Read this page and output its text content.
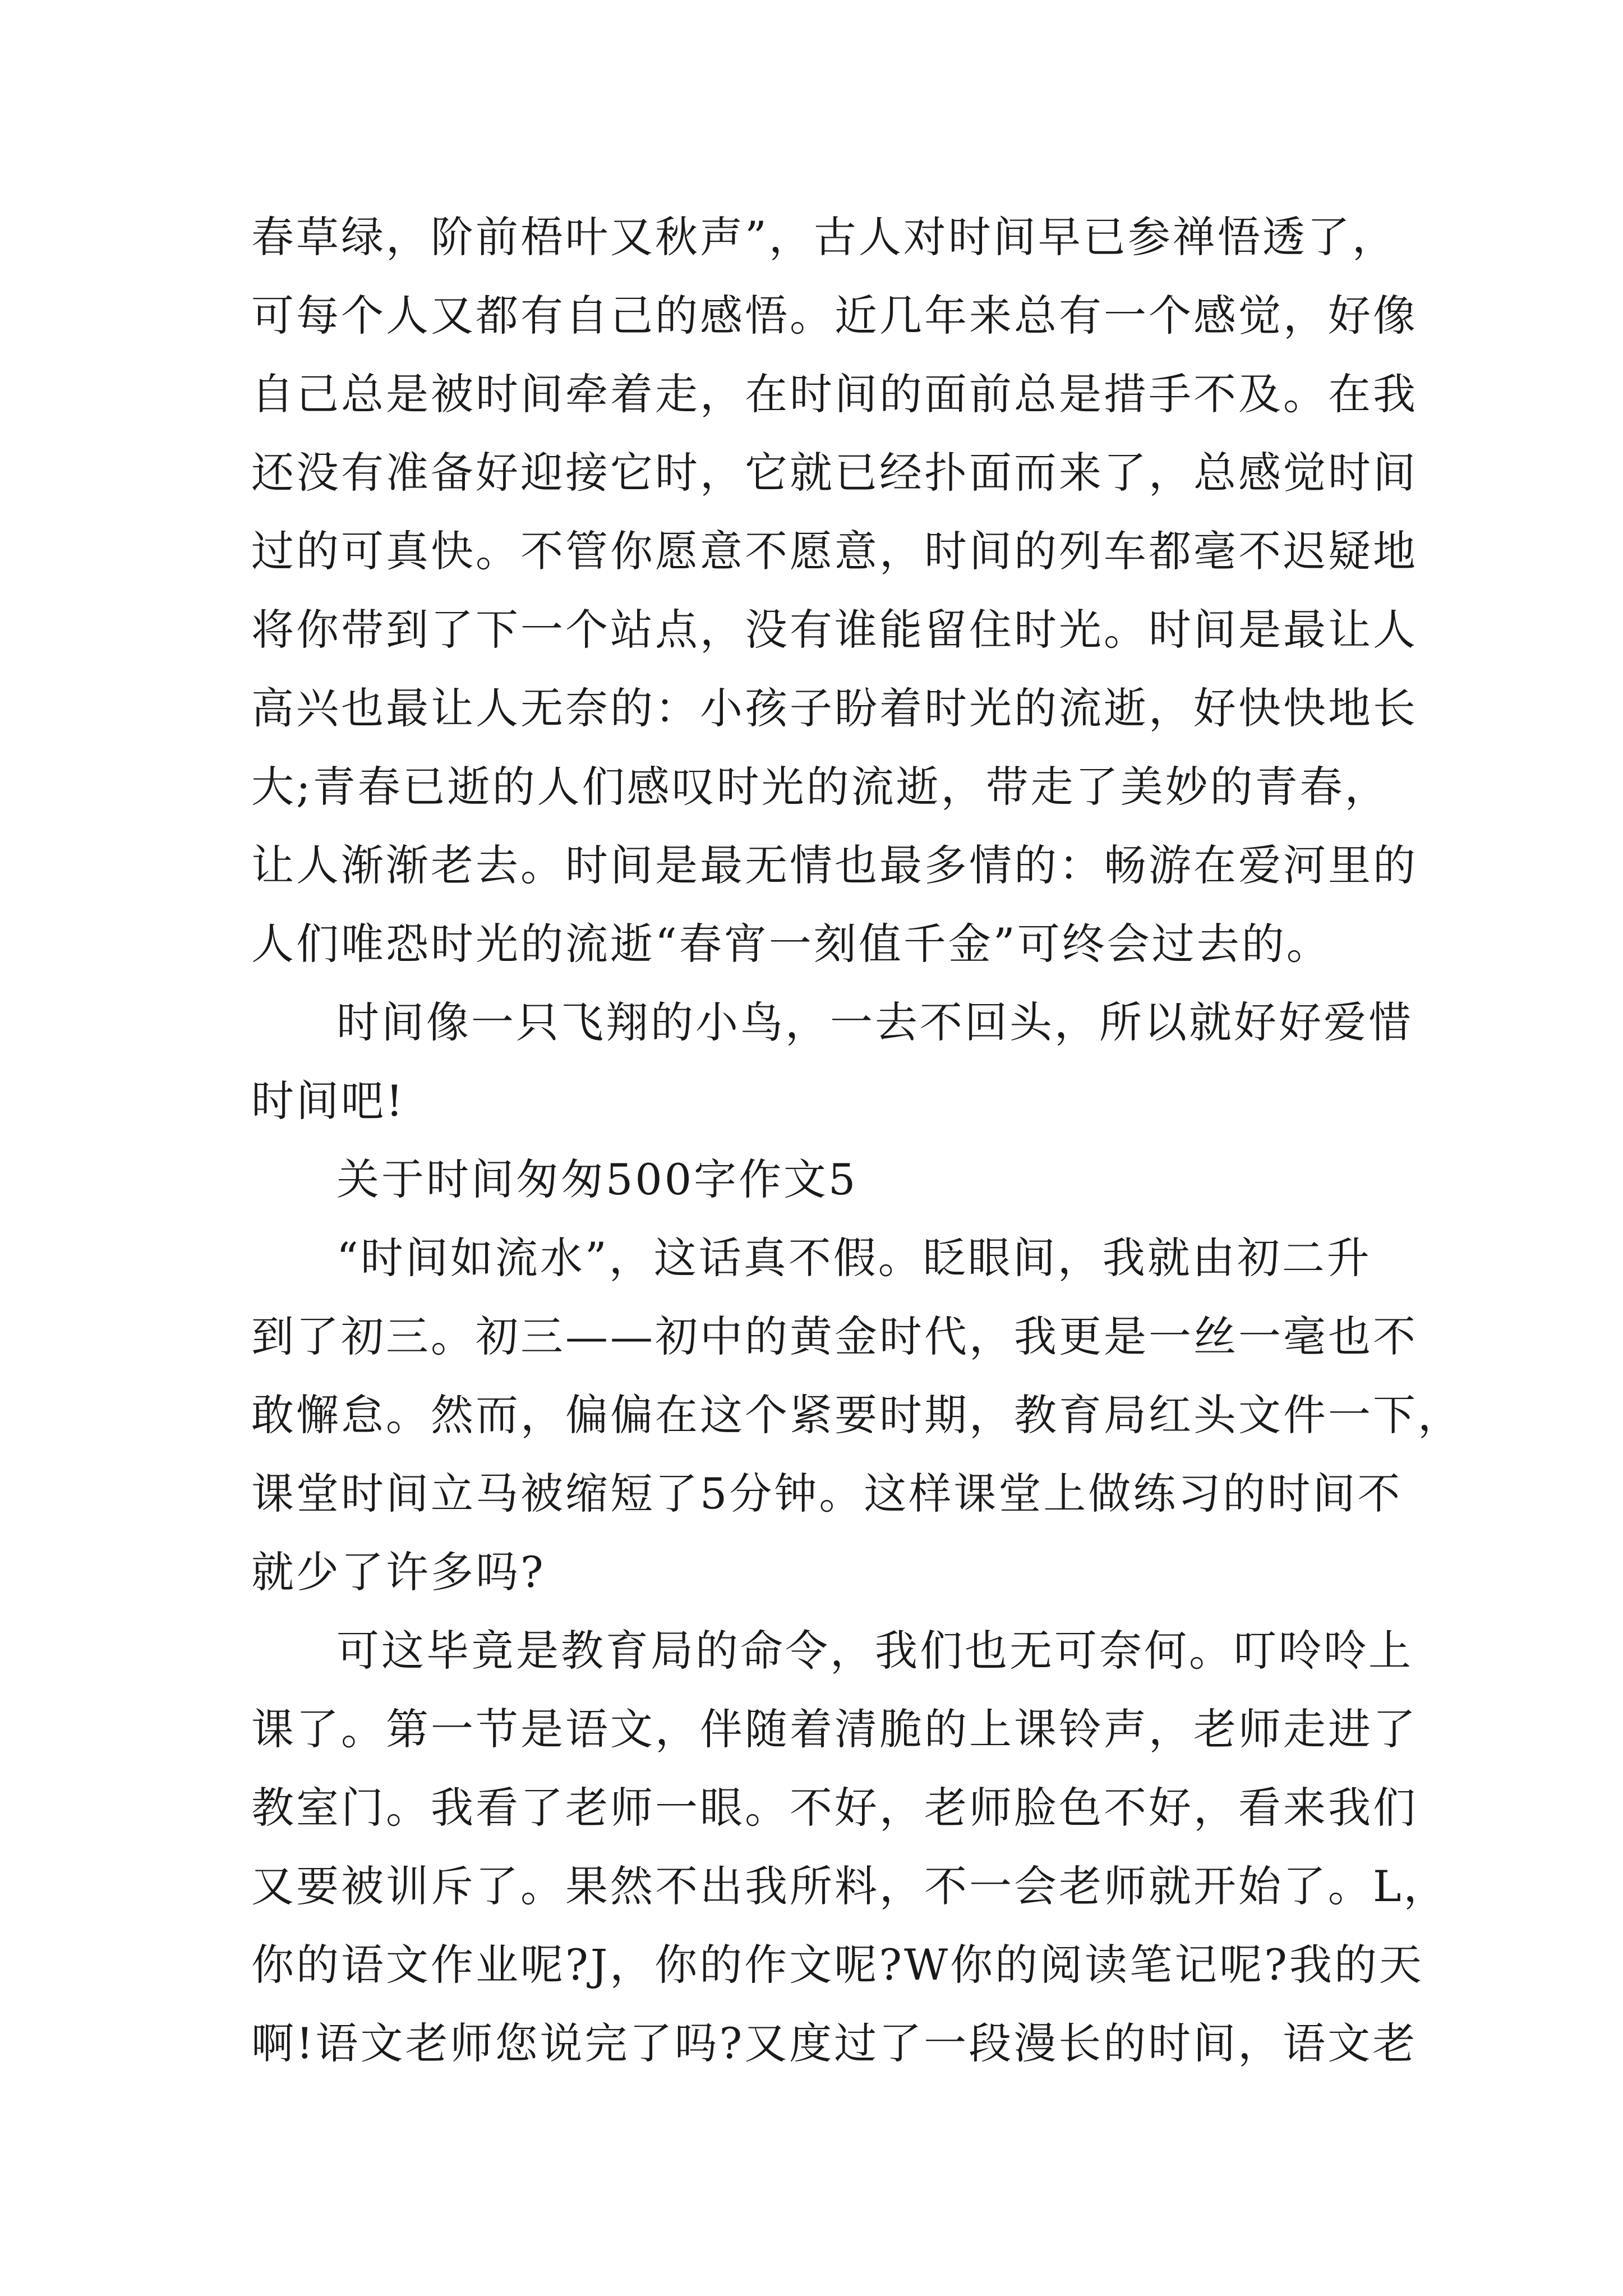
春草绿，阶前梧叶又秋声”，古人对时间早已参禅悟透了，
可每个人又都有自己的感悟。近几年来总有一个感觉，好像
自己总是被时间牵着走，在时间的面前总是措手不及。在我
还没有准备好迎接它时，它就已经扑面而来了，总感觉时间
过的可真快。不管你愿意不愿意，时间的列车都毫不迟疑地
将你带到了下一个站点，没有谁能留住时光。时间是最让人
高兴也最让人无奈的：小孩子盼着时光的流逝，好快快地长
大;青春已逝的人们感叹时光的流逝，带走了美妙的青春，
让人渐渐老去。时间是最无情也最多情的：畅游在爱河里的
人们唯恐时光的流逝“春宵一刻值千金”可终会过去的。
时间像一只飞翔的小鸟，一去不回头，所以就好好爱惜
时间吧!
关于时间匆匆500字作文5
“时间如流水”，这话真不假。眨眼间，我就由初二升
到了初三。初三——初中的黄金时代，我更是一丝一毫也不
敢懈怠。然而，偏偏在这个紧要时期，教育局红头文件一下，
课堂时间立马被缩短了5分钟。这样课堂上做练习的时间不
就少了许多吗?
可这毕竟是教育局的命令，我们也无可奈何。叮呤呤上
课了。第一节是语文，伴随着清脆的上课铃声，老师走进了
教室门。我看了老师一眼。不好，老师脸色不好，看来我们
又要被训斥了。果然不出我所料，不一会老师就开始了。L，
你的语文作业呢?J，你的作文呢?W你的阅读笔记呢?我的天
啊!语文老师您说完了吗?又度过了一段漫长的时间，语文老
